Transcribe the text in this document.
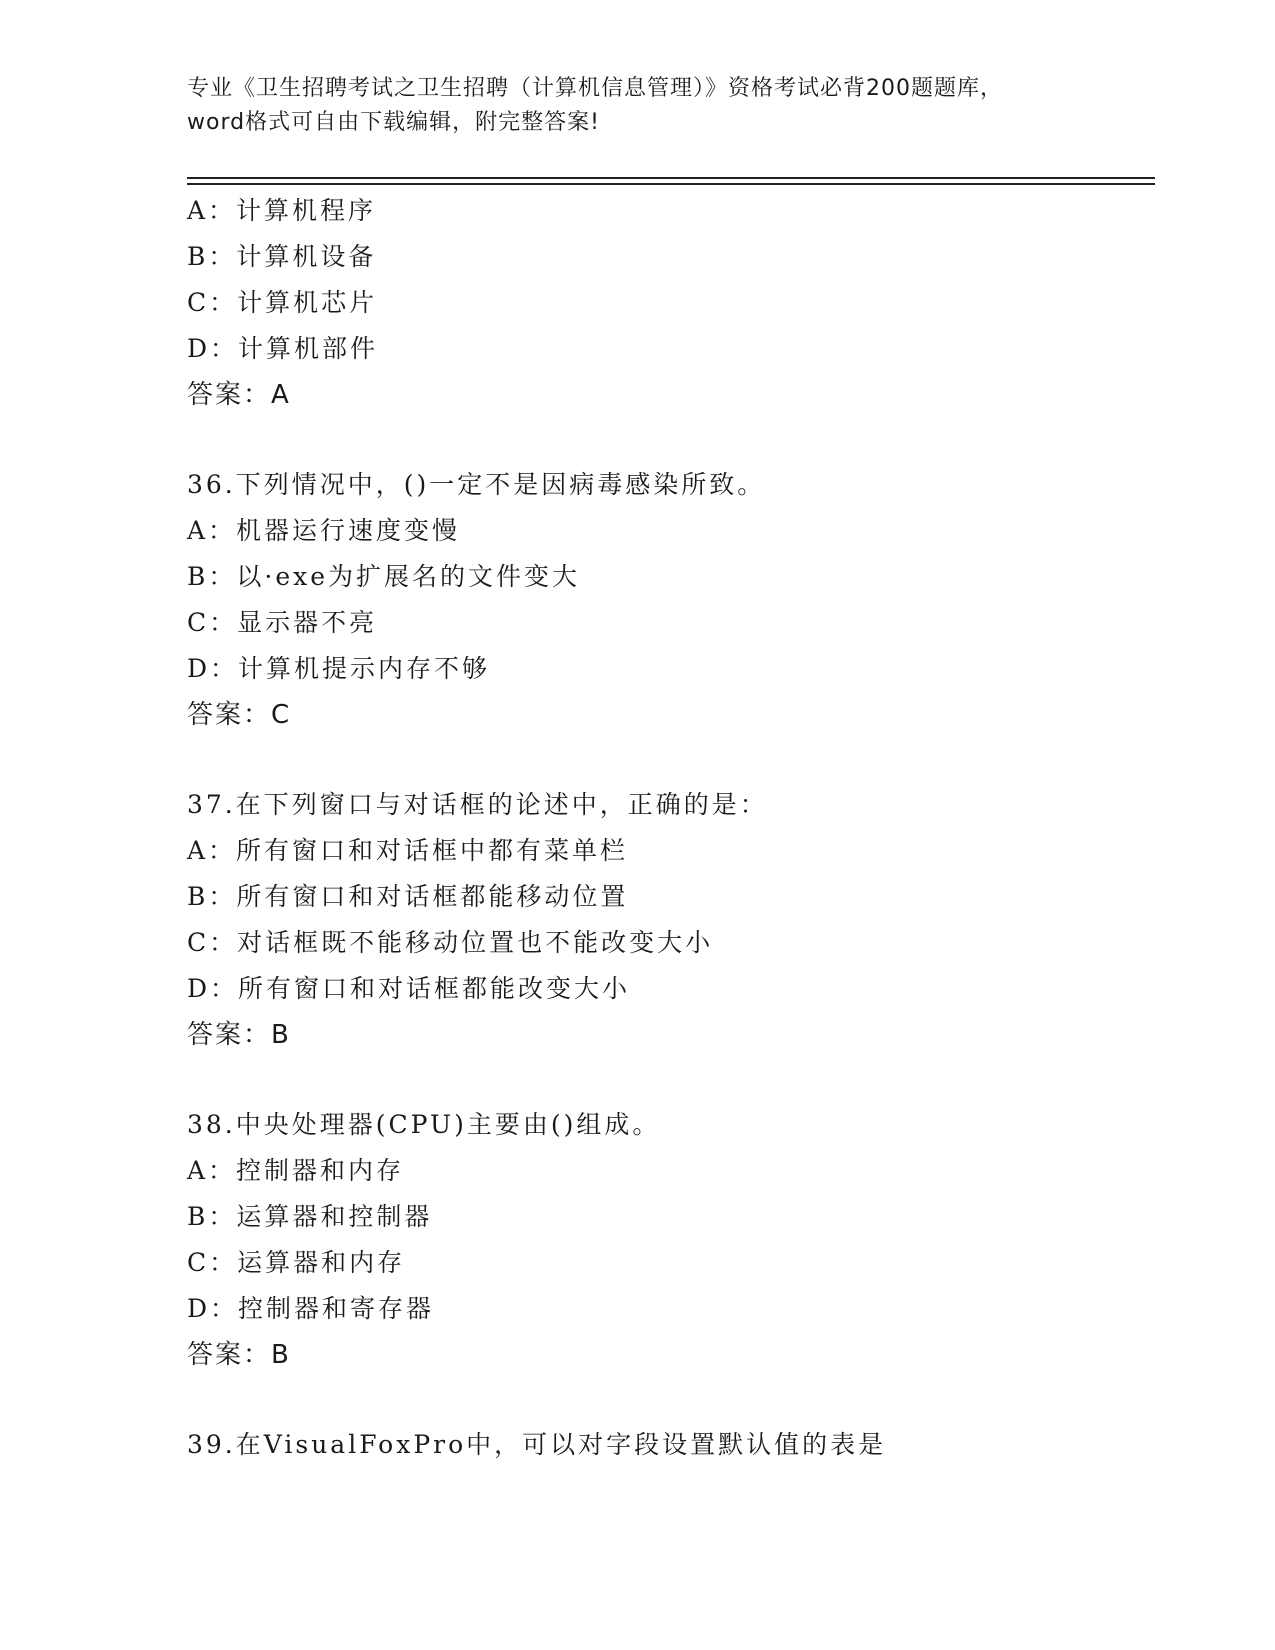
专业《卫生招聘考试之卫生招聘（计算机信息管理）》资格考试必背200题题库，
word格式可自由下载编辑，附完整答案!
A：计算机程序
B：计算机设备
C：计算机芯片
D：计算机部件
答案 ： A
36.下列情况中，()一定不是因病毒感染所致。
A：机器运行速度变慢
B：以·exe为扩展名的文件变大
C：显示器不亮
D：计算机提示内存不够
答案 ： C
37.在下列窗口与对话框的论述中，正确的是：
A：所有窗口和对话框中都有菜单栏
B：所有窗口和对话框都能移动位置
C：对话框既不能移动位置也不能改变大小
D：所有窗口和对话框都能改变大小
答案 ： B
38.中央处理器(CPU)主要由()组成。
A：控制器和内存
B：运算器和控制器
C：运算器和内存
D：控制器和寄存器
答案 ： B
39.在VisualFoxPro中，可以对字段设置默认值的表是
